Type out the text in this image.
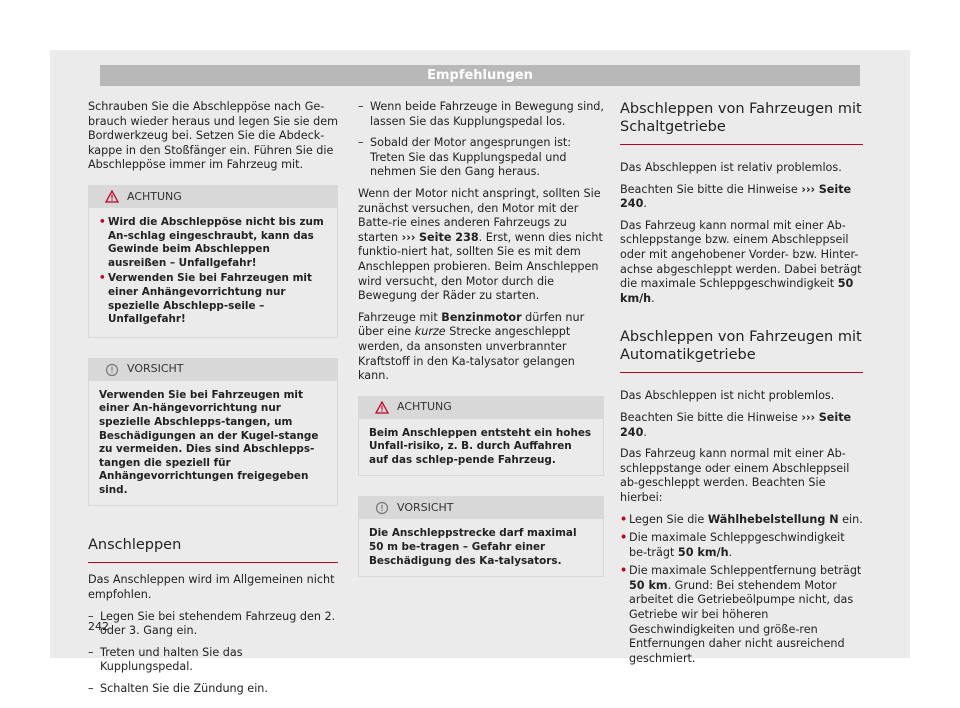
Empfehlungen

Schrauben Sie die Abschleppöse nach Ge-brauch wieder heraus und legen Sie sie dem Bordwerkzeug bei. Setzen Sie die Abdeck-kappe in den Stoßfänger ein. Führen Sie die Abschleppöse immer im Fahrzeug mit.

ACHTUNG
• Wird die Abschleppöse nicht bis zum An-schlag eingeschraubt, kann das Gewinde beim Abschleppen ausreißen – Unfallgefahr!
• Verwenden Sie bei Fahrzeugen mit einer Anhängevorrichtung nur spezielle Abschlepp-seile – Unfallgefahr!
VORSICHT
Verwenden Sie bei Fahrzeugen mit einer An-hängevorrichtung nur spezielle Abschlepps-tangen, um Beschädigungen an der Kugel-stange zu vermeiden. Dies sind Abschlepps-tangen die speziell für Anhängevorrichtungen freigegeben sind.
Anschleppen

Das Anschleppen wird im Allgemeinen nicht empfohlen.

– Legen Sie bei stehendem Fahrzeug den 2. oder 3. Gang ein.
– Treten und halten Sie das Kupplungspedal.
– Schalten Sie die Zündung ein.
– Wenn beide Fahrzeuge in Bewegung sind, lassen Sie das Kupplungspedal los.
– Sobald der Motor angesprungen ist: Treten Sie das Kupplungspedal und nehmen Sie den Gang heraus.

Wenn der Motor nicht anspringt, sollten Sie zunächst versuchen, den Motor mit der Batte-rie eines anderen Fahrzeugs zu starten ››› Seite 238. Erst, wenn dies nicht funktio-niert hat, sollten Sie es mit dem Anschleppen probieren. Beim Anschleppen wird versucht, den Motor durch die Bewegung der Räder zu starten.

Fahrzeuge mit Benzinmotor dürfen nur über eine kurze Strecke angeschleppt werden, da ansonsten unverbrannter Kraftstoff in den Ka-talysator gelangen kann.

ACHTUNG
Beim Anschleppen entsteht ein hohes Unfall-risiko, z. B. durch Auffahren auf das schlep-pende Fahrzeug.
VORSICHT
Die Anschleppstrecke darf maximal 50 m be-tragen – Gefahr einer Beschädigung des Ka-talysators.
Abschleppen von Fahrzeugen mit Schaltgetriebe

Das Abschleppen ist relativ problemlos.

Beachten Sie bitte die Hinweise ››› Seite 240.

Das Fahrzeug kann normal mit einer Ab-schleppstange bzw. einem Abschleppseil oder mit angehobener Vorder- bzw. Hinter-achse abgeschleppt werden. Dabei beträgt die maximale Schleppgeschwindigkeit 50 km/h.

Abschleppen von Fahrzeugen mit Automatikgetriebe

Das Abschleppen ist nicht problemlos.

Beachten Sie bitte die Hinweise ››› Seite 240.

Das Fahrzeug kann normal mit einer Ab-schleppstange oder einem Abschleppseil ab-geschleppt werden. Beachten Sie hierbei:

• Legen Sie die Wählhebelstellung N ein.
• Die maximale Schleppgeschwindigkeit be-trägt 50 km/h.
• Die maximale Schleppentfernung beträgt 50 km. Grund: Bei stehendem Motor arbeitet die Getriebeölpumpe nicht, das Getriebe wir bei höheren Geschwindigkeiten und größe-ren Entfernungen daher nicht ausreichend geschmiert.
242
